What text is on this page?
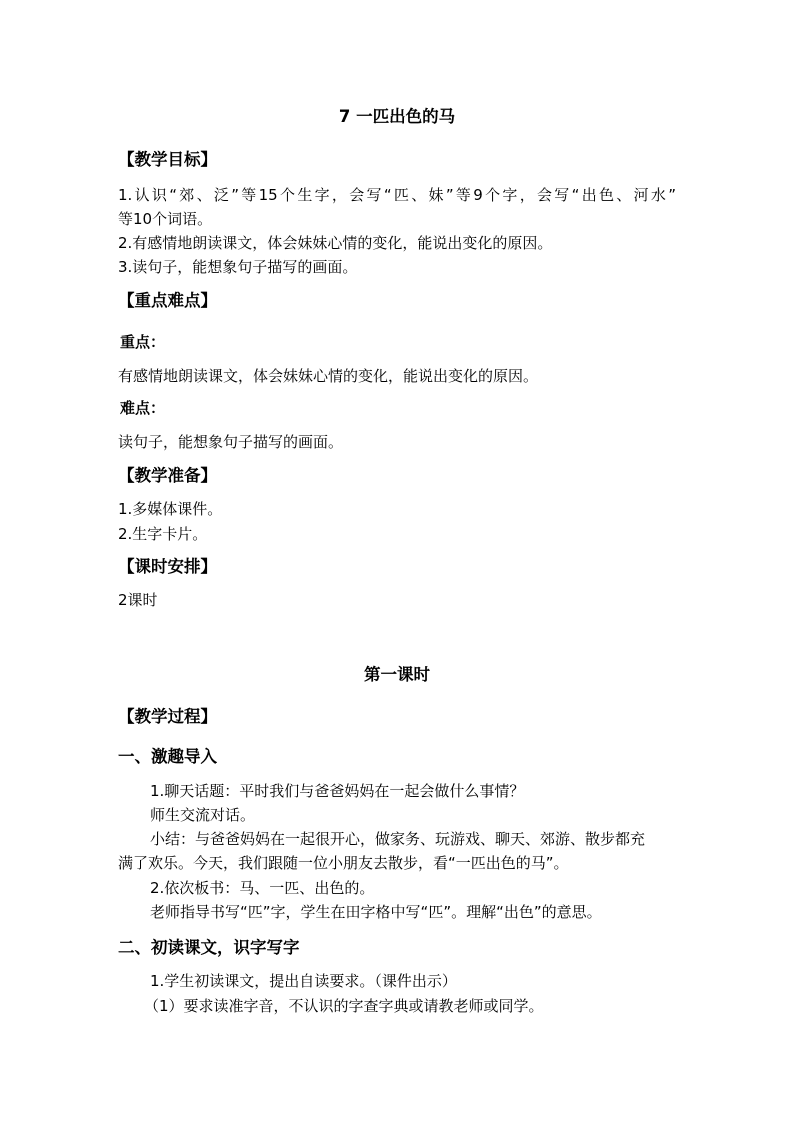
7 一匹出色的马
【教学目标】

1.认识“郊、泛”等15个生字，会写“匹、妹”等9个字，会写“出色、河水”

等10个词语。

2.有感情地朗读课文，体会妹妹心情的变化，能说出变化的原因。

3.读句子，能想象句子描写的画面。

【重点难点】
重点：

有感情地朗读课文，体会妹妹心情的变化，能说出变化的原因。

难点：

读句子，能想象句子描写的画面。

【教学准备】

1.多媒体课件。

2.生字卡片。

【课时安排】

2课时

第一课时
【教学过程】
一、激趣导入

1.聊天话题：平时我们与爸爸妈妈在一起会做什么事情？

师生交流对话。

小结：与爸爸妈妈在一起很开心，做家务、玩游戏、聊天、郊游、散步都充

满了欢乐。今天，我们跟随一位小朋友去散步，看“一匹出色的马”。

2.依次板书：马、一匹、出色的。

老师指导书写“匹”字，学生在田字格中写“匹”。理解“出色”的意思。

二、初读课文，识字写字

1.学生初读课文，提出自读要求。（课件出示）

（1）要求读准字音，不认识的字查字典或请教老师或同学。
